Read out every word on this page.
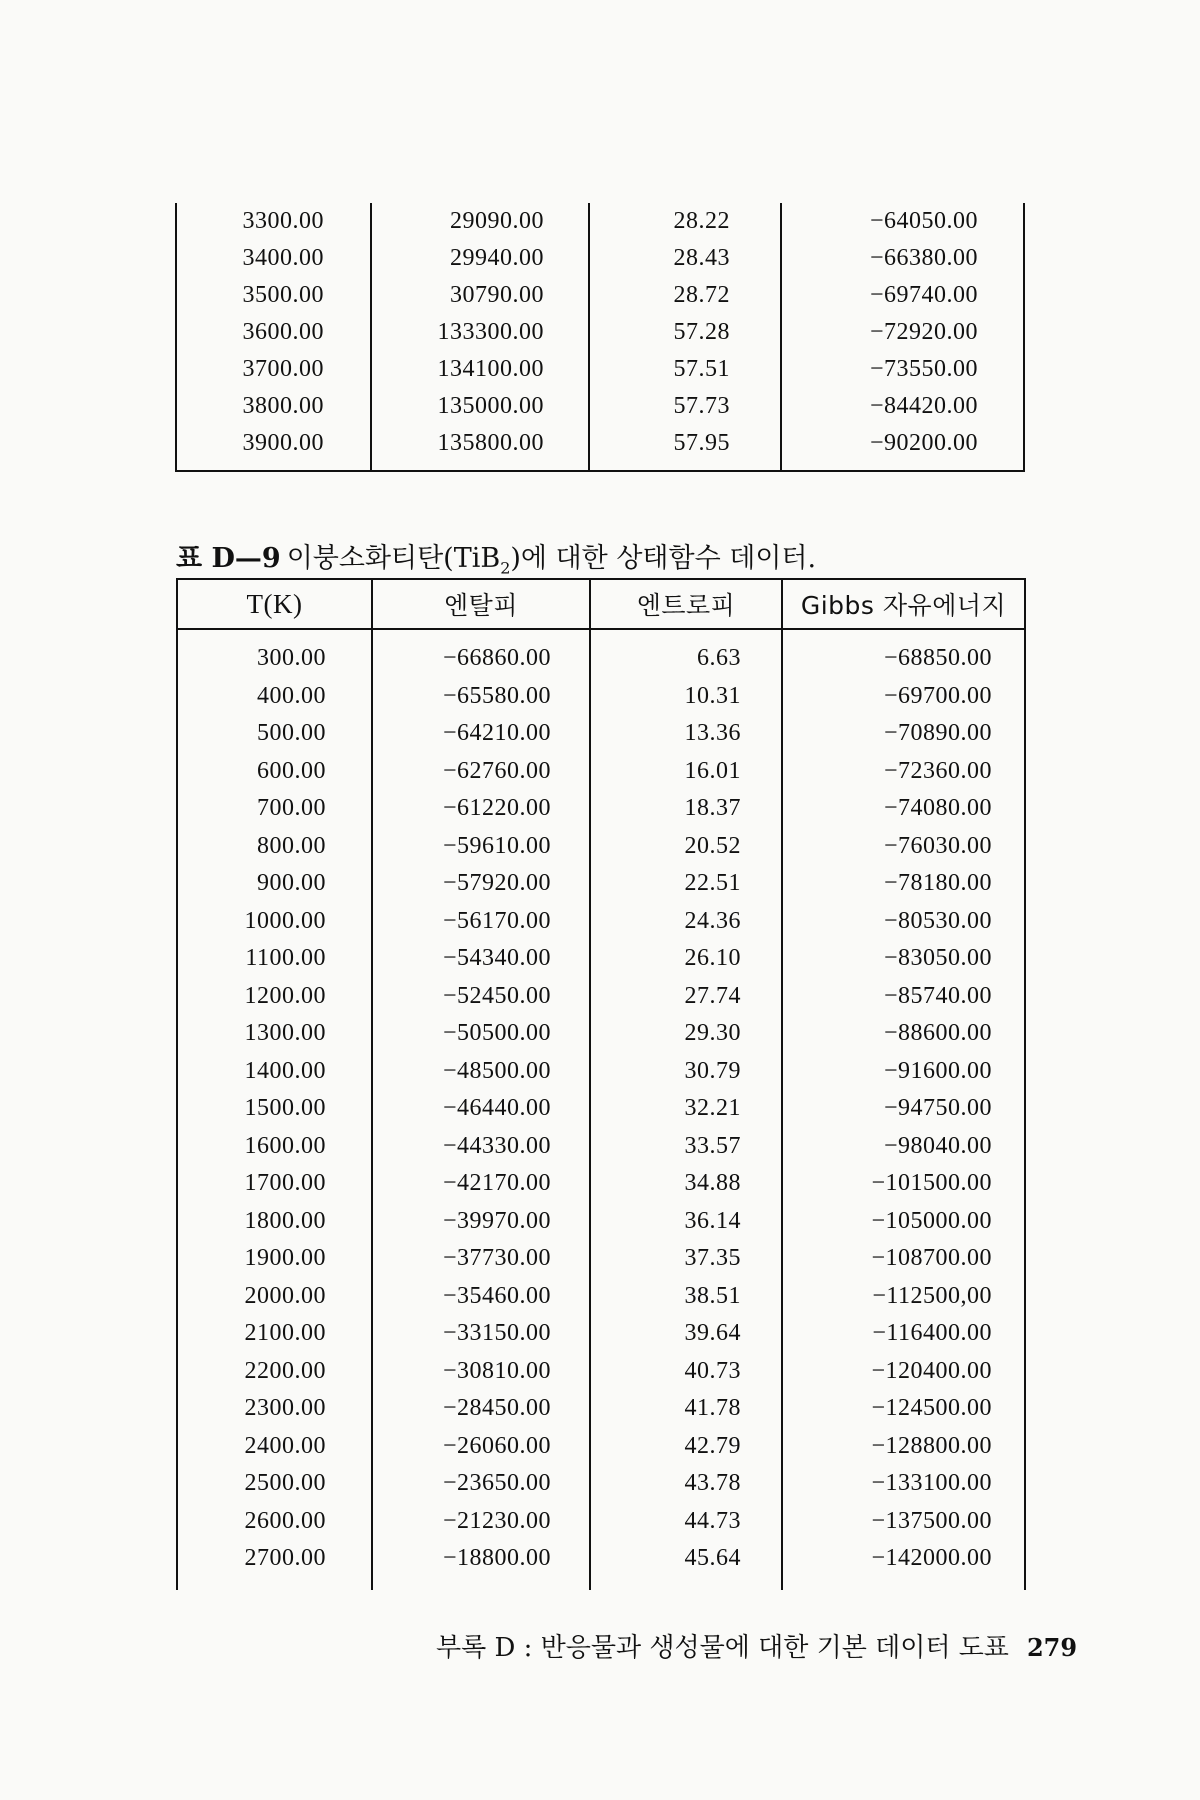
3300.00	29090.00	28.22	−64050.00
3400.00	29940.00	28.43	−66380.00
3500.00	30790.00	28.72	−69740.00
3600.00	133300.00	57.28	−72920.00
3700.00	134100.00	57.51	−73550.00
3800.00	135000.00	57.73	−84420.00
3900.00	135800.00	57.95	−90200.00
표 D—9 이붕소화티탄(TiB$_2$)에 대한 상태함수 데이터.
T(K)	엔탈피	엔트로피	Gibbs 자유에너지
300.00	−66860.00	6.63	−68850.00
400.00	−65580.00	10.31	−69700.00
500.00	−64210.00	13.36	−70890.00
600.00	−62760.00	16.01	−72360.00
700.00	−61220.00	18.37	−74080.00
800.00	−59610.00	20.52	−76030.00
900.00	−57920.00	22.51	−78180.00
1000.00	−56170.00	24.36	−80530.00
1100.00	−54340.00	26.10	−83050.00
1200.00	−52450.00	27.74	−85740.00
1300.00	−50500.00	29.30	−88600.00
1400.00	−48500.00	30.79	−91600.00
1500.00	−46440.00	32.21	−94750.00
1600.00	−44330.00	33.57	−98040.00
1700.00	−42170.00	34.88	−101500.00
1800.00	−39970.00	36.14	−105000.00
1900.00	−37730.00	37.35	−108700.00
2000.00	−35460.00	38.51	−112500,00
2100.00	−33150.00	39.64	−116400.00
2200.00	−30810.00	40.73	−120400.00
2300.00	−28450.00	41.78	−124500.00
2400.00	−26060.00	42.79	−128800.00
2500.00	−23650.00	43.78	−133100.00
2600.00	−21230.00	44.73	−137500.00
2700.00	−18800.00	45.64	−142000.00
부록 D : 반응물과 생성물에 대한 기본 데이터 도표 279
